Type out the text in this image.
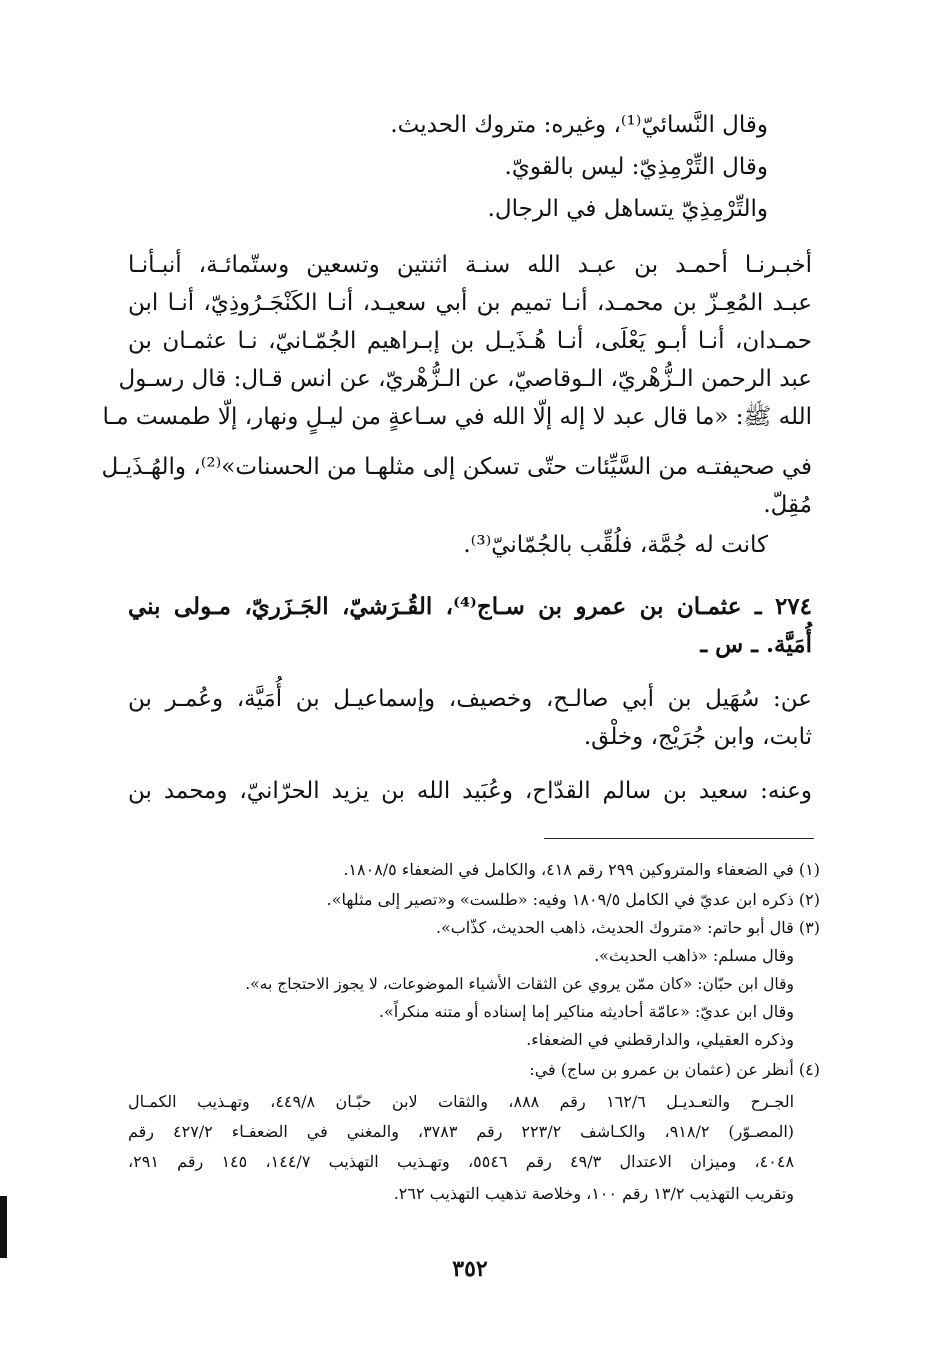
وقال النَّسائيّ⁽¹⁾، وغيره: متروك الحديث.
وقال التِّرْمِذِيّ: ليس بالقويّ.
والتِّرْمِذِيّ يتساهل في الرجال.
أخبـرنـا أحمـد بن عبـد الله سنـة اثنتين وتسعين وستّمائـة، أنبـأنـا
عبـد المُعِـزّ بن محمـد، أنـا تميم بن أبي سعيـد، أنـا الكَنْجَـرُوذِيّ، أنـا ابن
حمـدان، أنـا أبـو يَعْلَى، أنـا هُـذَيـل بن إبـراهيم الجُمّـانيّ، نـا عثمـان بن
عبد الرحمن الـزُّهْريّ، الـوقاصيّ، عن الـزُّهْريّ، عن انس قـال: قال رسـول
الله ﷺ: «ما قال عبد لا إله إلّا الله في سـاعةٍ من ليـلٍ ونهار، إلّا طمست مـا
في صحيفتـه من السَّيِّئات حتّى تسكن إلى مثلهـا من الحسنات»⁽²⁾، والهُـذَيـل
مُقِلّ.
كانت له جُمَّة، فلُقِّب بالجُمّانيّ⁽³⁾.
٢٧٤ ـ عثمـان بن عمرو بن سـاج⁽⁴⁾، القُـرَشيّ، الجَـزَريّ، مـولى بني
أُمَيَّة. ـ س ـ
عن: سُهَيل بن أبي صالـح، وخصيف، وإسماعيـل بن أُمَيَّة، وعُمـر بن
ثابت، وابن جُرَيْج، وخلْق.
وعنه: سعيد بن سالم القدّاح، وعُبَيد الله بن يزيد الحرّانيّ، ومحمد بن
(١) في الضعفاء والمتروكين ٢٩٩ رقم ٤١٨، والكامل في الضعفاء ١٨٠٨/٥.
(٢) ذكره ابن عديّ في الكامل ١٨٠٩/٥ وفيه: «طلست» و«تصير إلى مثلها».
(٣) قال أبو حاتم: «متروك الحديث، ذاهب الحديث، كذّاب».
وقال مسلم: «ذاهب الحديث».
وقال ابن حبّان: «كان ممّن يروي عن الثقات الأشياء الموضوعات، لا يجوز الاحتجاج به».
وقال ابن عديّ: «عامّة أحاديثه مناكير إما إسناده أو متنه منكراً».
وذكره العقيلي، والدارقطني في الضعفاء.
(٤) أنظر عن (عثمان بن عمرو بن ساج) في:
الجـرح والتعـديـل ١٦٢/٦ رقم ٨٨٨، والثقات لابن حبّـان ٤٤٩/٨، وتهـذيب الكمـال
(المصـوّر) ٩١٨/٢، والكـاشف ٢٢٣/٢ رقم ٣٧٨٣، والمغني في الضعفـاء ٤٢٧/٢ رقم
٤٠٤٨، وميزان الاعتدال ٤٩/٣ رقم ٥٥٤٦، وتهـذيب التهذيب ١٤٤/٧، ١٤٥ رقم ٢٩١،
وتقريب التهذيب ١٣/٢ رقم ١٠٠، وخلاصة تذهيب التهذيب ٢٦٢.
٣٥٢
